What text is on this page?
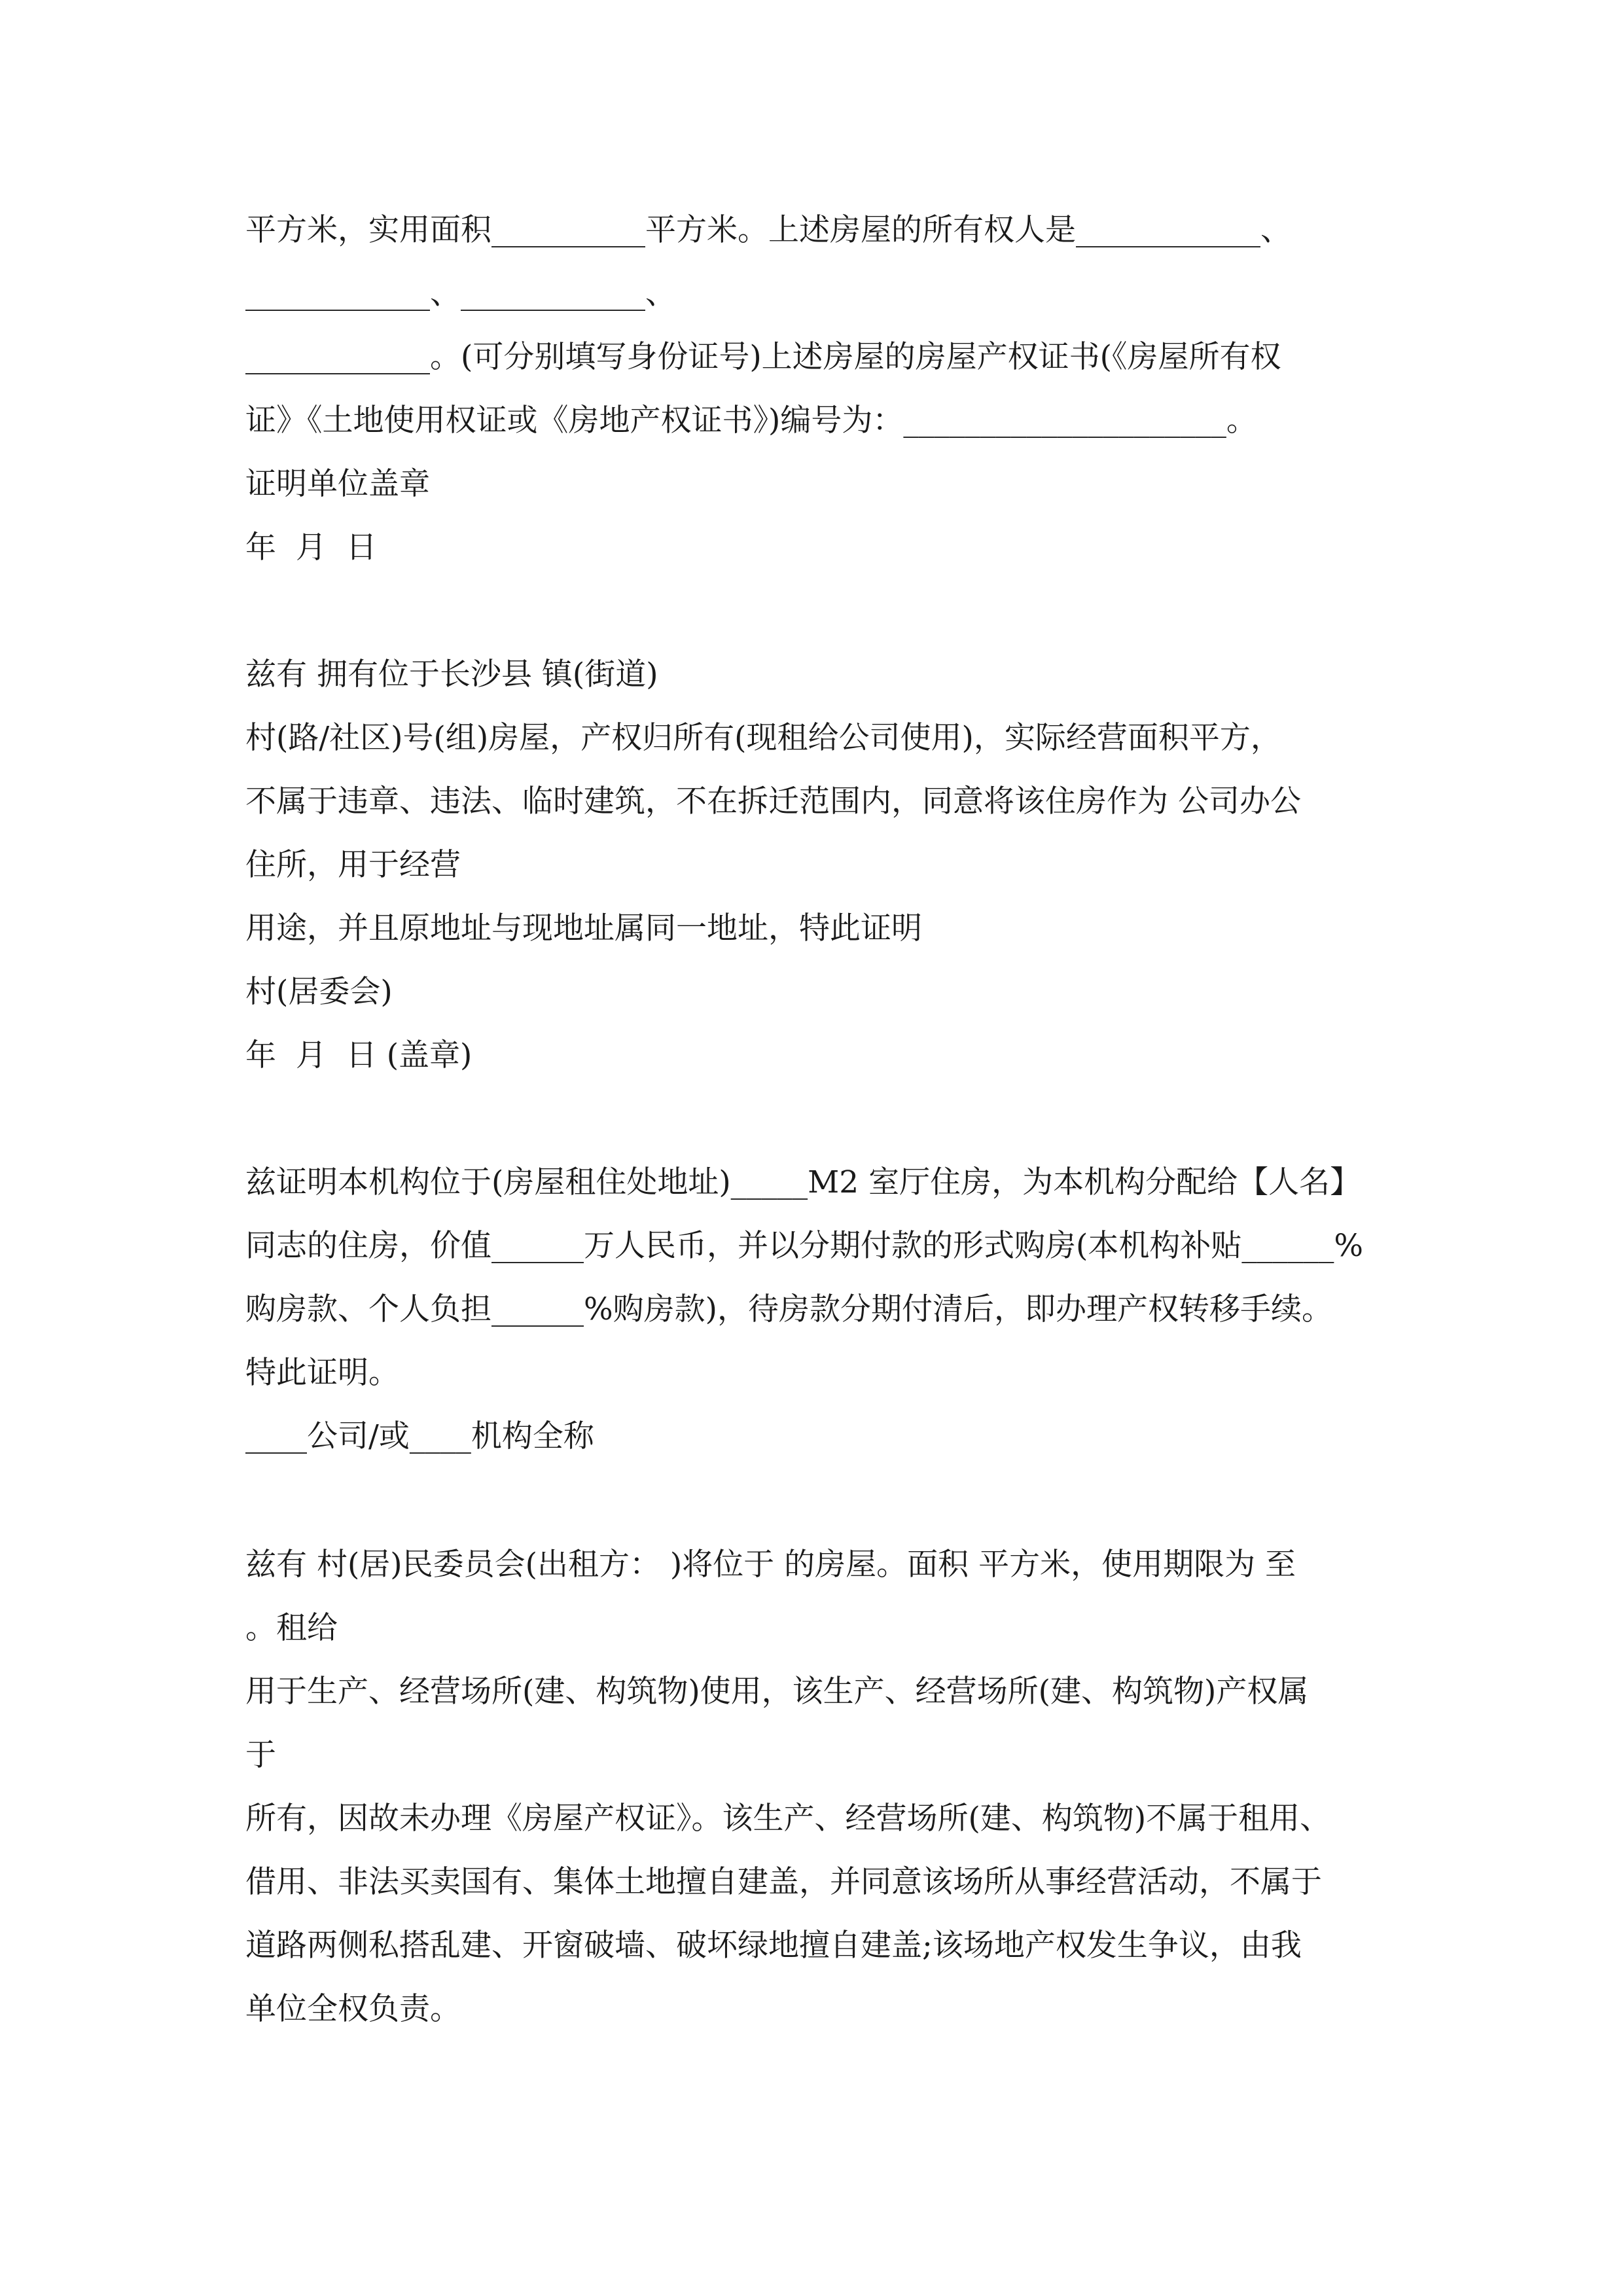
平方米，实用面积__________平方米。上述房屋的所有权人是____________、
____________、____________、
____________。(可分别填写身份证号)上述房屋的房屋产权证书(《房屋所有权
证》《土地使用权证或《房地产权证书》)编号为：_____________________。
证明单位盖章
年  月  日
兹有 拥有位于长沙县 镇(街道)
村(路/社区)号(组)房屋，产权归所有(现租给公司使用)，实际经营面积平方，
不属于违章、违法、临时建筑，不在拆迁范围内，同意将该住房作为 公司办公
住所，用于经营
用途，并且原地址与现地址属同一地址，特此证明
村(居委会)
年  月  日 (盖章)
兹证明本机构位于(房屋租住处地址)_____M2 室厅住房，为本机构分配给【人名】
同志的住房，价值______万人民币，并以分期付款的形式购房(本机构补贴______%
购房款、个人负担______%购房款)，待房款分期付清后，即办理产权转移手续。
特此证明。
____公司/或____机构全称
兹有 村(居)民委员会(出租方： )将位于 的房屋。面积 平方米，使用期限为 至
。租给
用于生产、经营场所(建、构筑物)使用，该生产、经营场所(建、构筑物)产权属
于
所有，因故未办理《房屋产权证》。该生产、经营场所(建、构筑物)不属于租用、
借用、非法买卖国有、集体土地擅自建盖，并同意该场所从事经营活动，不属于
道路两侧私搭乱建、开窗破墙、破坏绿地擅自建盖;该场地产权发生争议，由我
单位全权负责。
